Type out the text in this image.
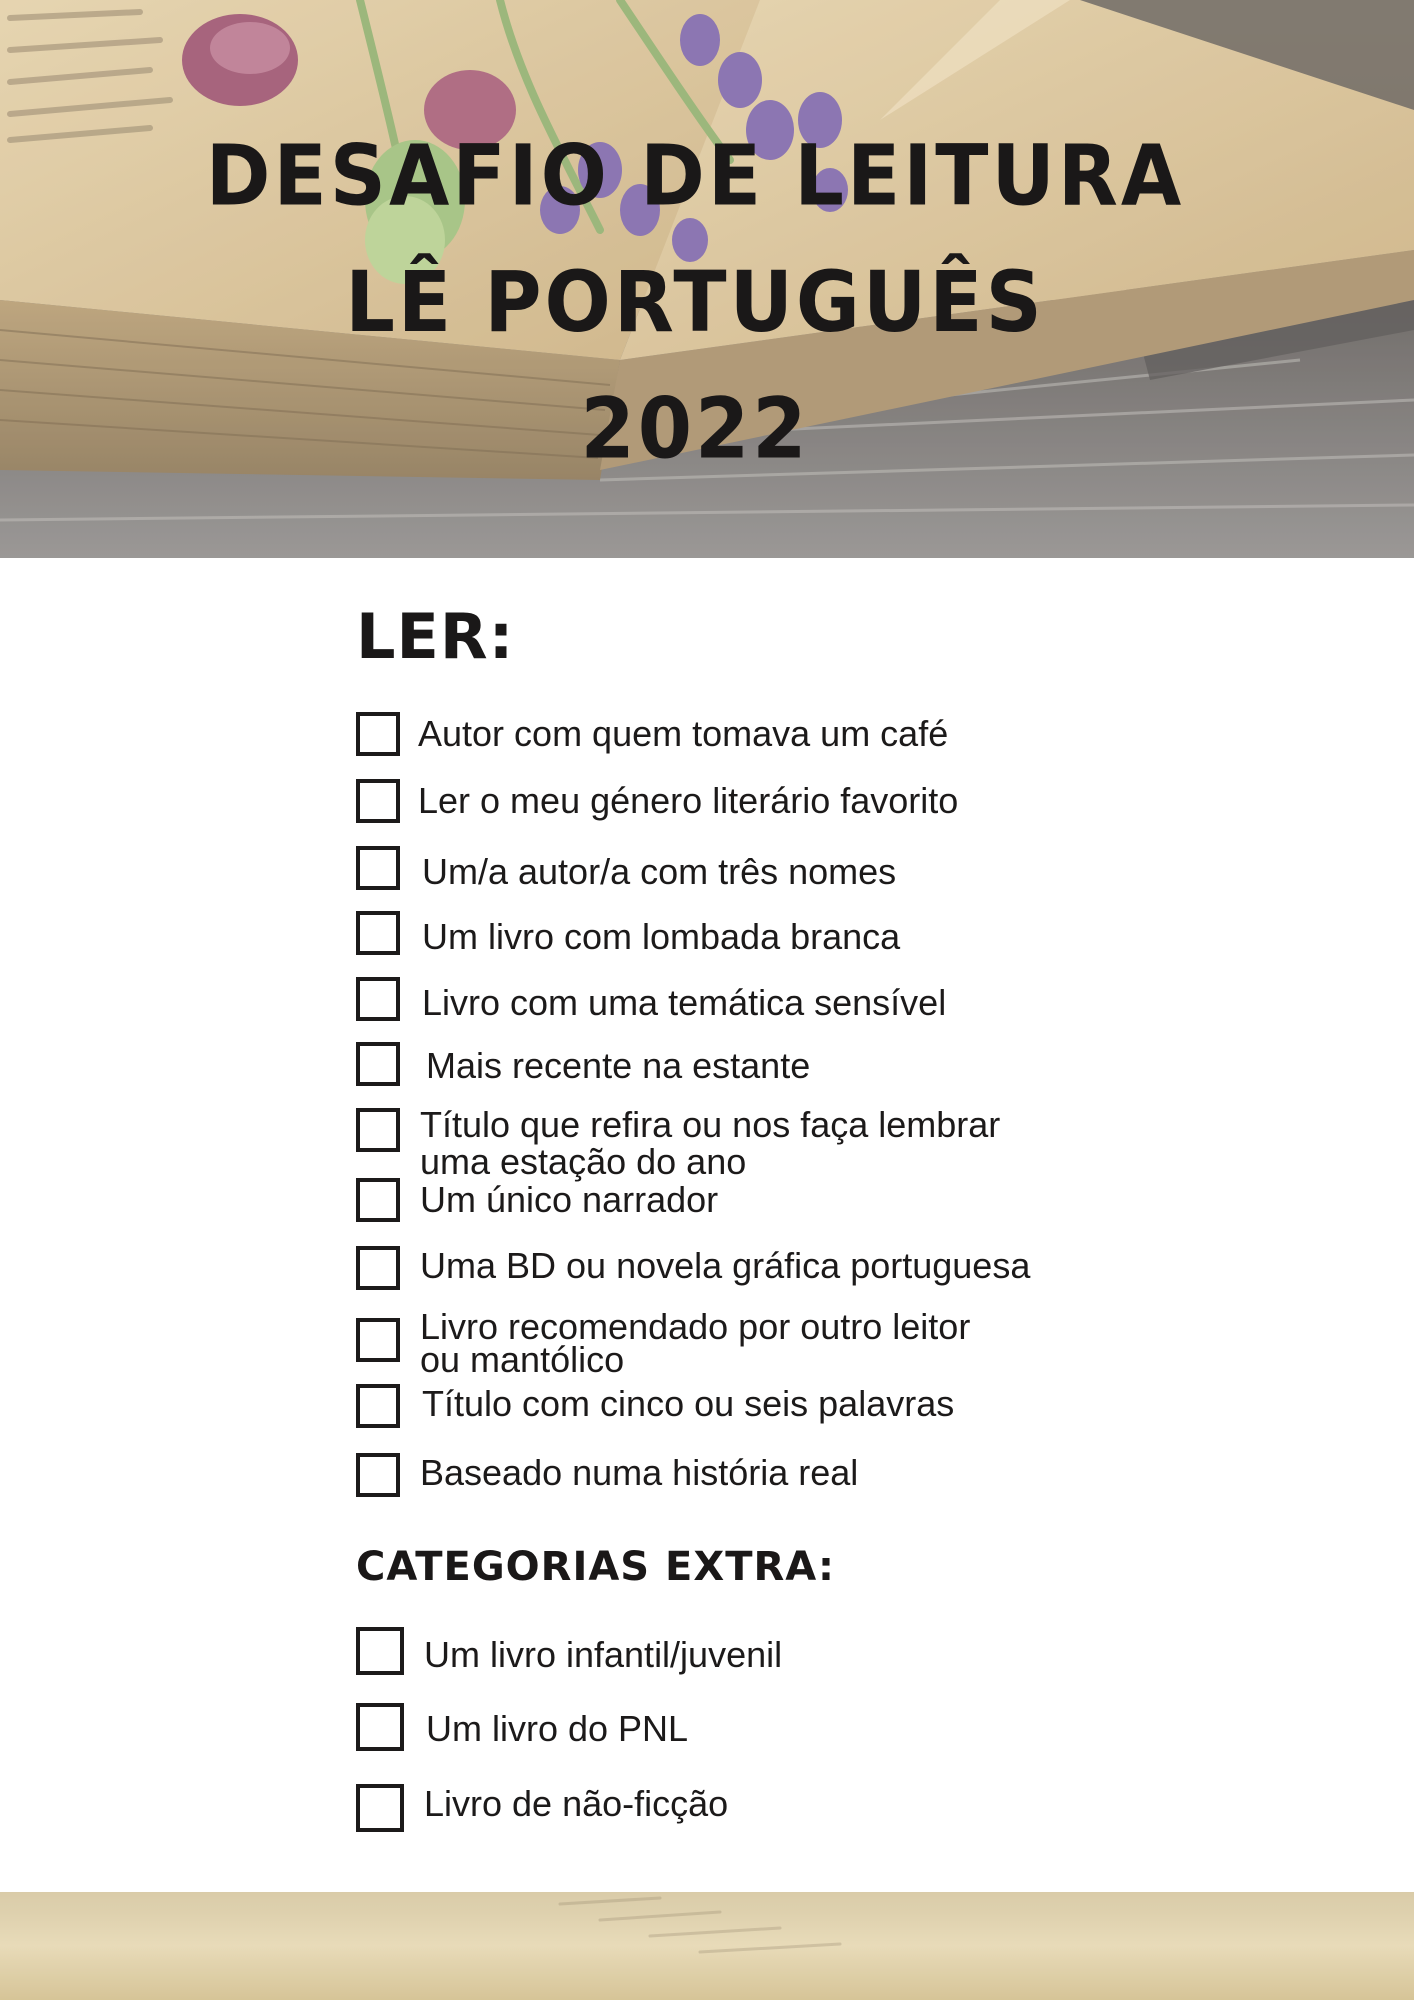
DESAFIO DE LEITURA
LÊ PORTUGUÊS
2022
LER:
Autor com quem tomava um café
Ler o meu género literário favorito
Um/a autor/a com três nomes
Um livro com lombada branca
Livro com uma temática sensível
Mais recente na estante
Título que refira ou nos faça lembrar
uma estação do ano
Um único narrador
Uma BD ou novela gráfica portuguesa
Livro recomendado por outro leitor
ou mantólico
Título com cinco ou seis palavras
Baseado numa história real
CATEGORIAS EXTRA:
Um livro infantil/juvenil
Um livro do PNL
Livro de não-ficção
